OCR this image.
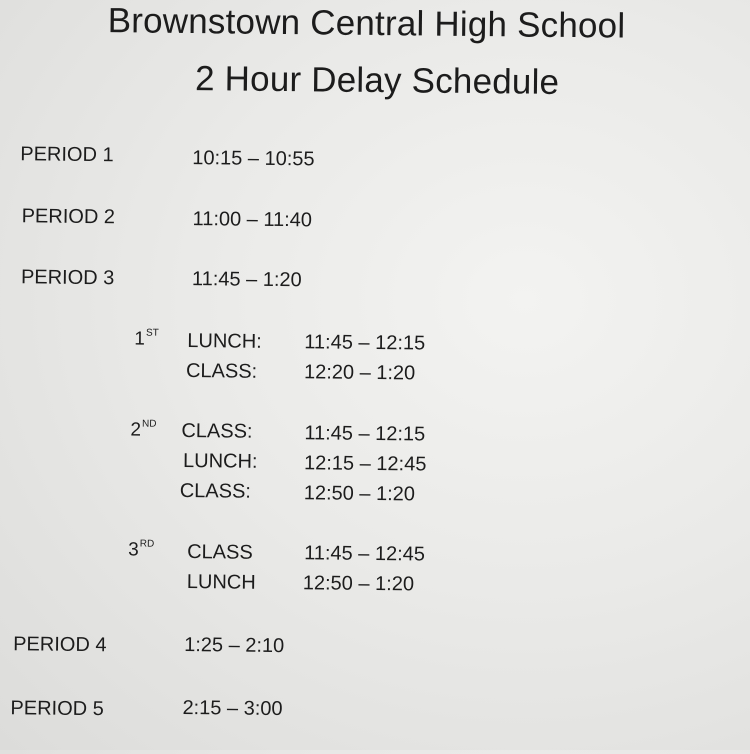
Brownstown Central High School
2 Hour Delay Schedule
PERIOD 1	10:15 – 10:55
PERIOD 2	11:00 – 11:40
PERIOD 3	11:45 – 1:20
1ST LUNCH: 11:45 – 12:15
CLASS: 12:20 – 1:20
2ND CLASS:	11:45 – 12:15
LUNCH: 12:15 – 12:45
CLASS:	12:50 – 1:20
3RD CLASS	11:45 – 12:45
LUNCH 12:50 – 1:20
PERIOD 4	1:25 – 2:10
PERIOD 5	2:15 – 3:00
